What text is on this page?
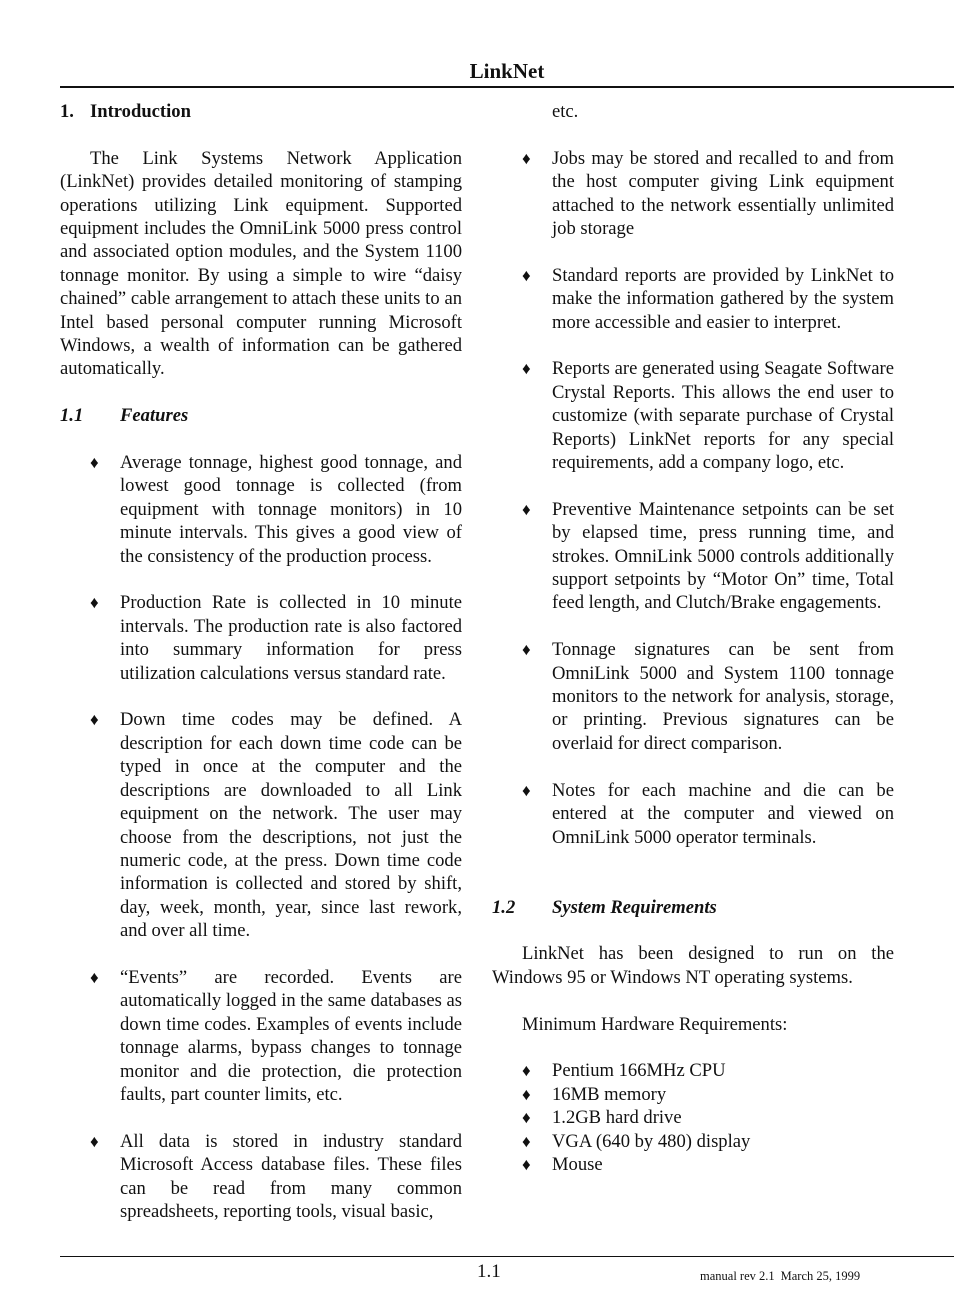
LinkNet
1. Introduction

The Link Systems Network Application (LinkNet) provides detailed monitoring of stamping operations utilizing Link equipment. Supported equipment includes the OmniLink 5000 press control and associated option modules, and the System 1100 tonnage monitor. By using a simple to wire “daisy chained” cable arrangement to attach these units to an Intel based personal computer running Microsoft Windows, a wealth of information can be gathered automatically.

1.1 Features
♦ Average tonnage, highest good tonnage, and lowest good tonnage is collected (from equipment with tonnage monitors) in 10 minute intervals. This gives a good view of the consistency of the production process.
♦ Production Rate is collected in 10 minute intervals. The production rate is also factored into summary information for press utilization calculations versus standard rate.
♦ Down time codes may be defined. A description for each down time code can be typed in once at the computer and the descriptions are downloaded to all Link equipment on the network. The user may choose from the descriptions, not just the numeric code, at the press. Down time code information is collected and stored by shift, day, week, month, year, since last rework, and over all time.
♦ “Events” are recorded. Events are automatically logged in the same databases as down time codes. Examples of events include tonnage alarms, bypass changes to tonnage monitor and die protection, die protection faults, part counter limits, etc.
♦ All data is stored in industry standard Microsoft Access database files. These files can be read from many common spreadsheets, reporting tools, visual basic,
etc.
♦ Jobs may be stored and recalled to and from the host computer giving Link equipment attached to the network essentially unlimited job storage
♦ Standard reports are provided by LinkNet to make the information gathered by the system more accessible and easier to interpret.
♦ Reports are generated using Seagate Software Crystal Reports. This allows the end user to customize (with separate purchase of Crystal Reports) LinkNet reports for any special requirements, add a company logo, etc.
♦ Preventive Maintenance setpoints can be set by elapsed time, press running time, and strokes. OmniLink 5000 controls additionally support setpoints by “Motor On” time, Total feed length, and Clutch/Brake engagements.
♦ Tonnage signatures can be sent from OmniLink 5000 and System 1100 tonnage monitors to the network for analysis, storage, or printing. Previous signatures can be overlaid for direct comparison.
♦ Notes for each machine and die can be entered at the computer and viewed on OmniLink 5000 operator terminals.
1.2 System Requirements

LinkNet has been designed to run on the Windows 95 or Windows NT operating systems.

Minimum Hardware Requirements:

♦ Pentium 166MHz CPU
♦ 16MB memory
♦ 1.2GB hard drive
♦ VGA (640 by 480) display
♦ Mouse
1.1	manual rev 2.1 March 25, 1999
